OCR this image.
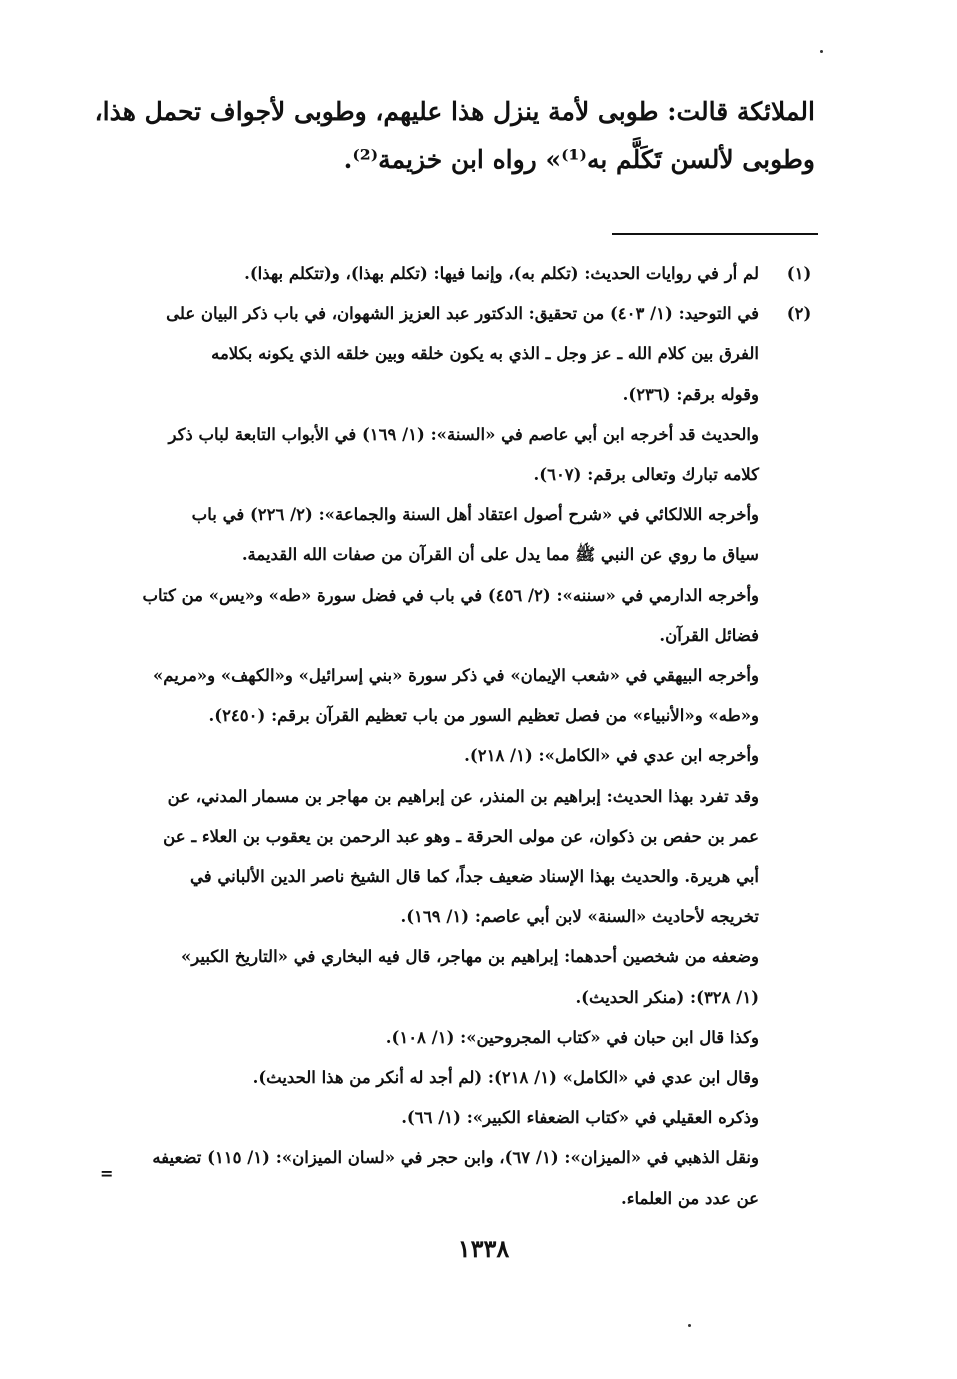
الملائكة قالت: طوبى لأمة ينزل هذا عليهم، وطوبى لأجواف تحمل هذا،
وطوبى لألسن تَكَلَّم به⁽¹⁾» رواه ابن خزيمة⁽²⁾.
(١)
لم أر في روايات الحديث: (تكلم به)، وإنما فيها: (تكلم بهذا)، و(تتكلم بهذا).
(٢)
في التوحيد: (١/ ٤٠٣) من تحقيق: الدكتور عبد العزيز الشهوان، في باب ذكر البيان على
الفرق بين كلام الله ـ عز وجل ـ الذي به يكون خلقه وبين خلقه الذي يكونه بكلامه
وقوله برقم: (٢٣٦).
والحديث قد أخرجه ابن أبي عاصم في «السنة»: (١/ ١٦٩) في الأبواب التابعة لباب ذكر
كلامه تبارك وتعالى برقم: (٦٠٧).
وأخرجه اللالكائي في «شرح أصول اعتقاد أهل السنة والجماعة»: (٢/ ٢٢٦) في باب
سياق ما روي عن النبي ﷺ مما يدل على أن القرآن من صفات الله القديمة.
وأخرجه الدارمي في «سننه»: (٢/ ٤٥٦) في باب في فضل سورة «طه» و«يس» من كتاب
فضائل القرآن.
وأخرجه البيهقي في «شعب الإيمان» في ذكر سورة «بني إسرائيل» و«الكهف» و«مريم»
و«طه» و«الأنبياء» من فصل تعظيم السور من باب تعظيم القرآن برقم: (٢٤٥٠).
وأخرجه ابن عدي في «الكامل»: (١/ ٢١٨).
وقد تفرد بهذا الحديث: إبراهيم بن المنذر، عن إبراهيم بن مهاجر بن مسمار المدني، عن
عمر بن حفص بن ذكوان، عن مولى الحرقة ـ وهو عبد الرحمن بن يعقوب بن العلاء ـ عن
أبي هريرة. والحديث بهذا الإسناد ضعيف جداً، كما قال الشيخ ناصر الدين الألباني في
تخريجه لأحاديث «السنة» لابن أبي عاصم: (١/ ١٦٩).
وضعفه من شخصين أحدهما: إبراهيم بن مهاجر، قال فيه البخاري في «التاريخ الكبير»
(١/ ٣٢٨): (منكر الحديث).
وكذا قال ابن حبان في «كتاب المجروحين»: (١/ ١٠٨).
وقال ابن عدي في «الكامل» (١/ ٢١٨): (لم أجد له أنكر من هذا الحديث).
وذكره العقيلي في «كتاب الضعفاء الكبير»: (١/ ٦٦).
ونقل الذهبي في «الميزان»: (١/ ٦٧)، وابن حجر في «لسان الميزان»: (١/ ١١٥) تضعيفه
عن عدد من العلماء.
=
١٣٣٨
